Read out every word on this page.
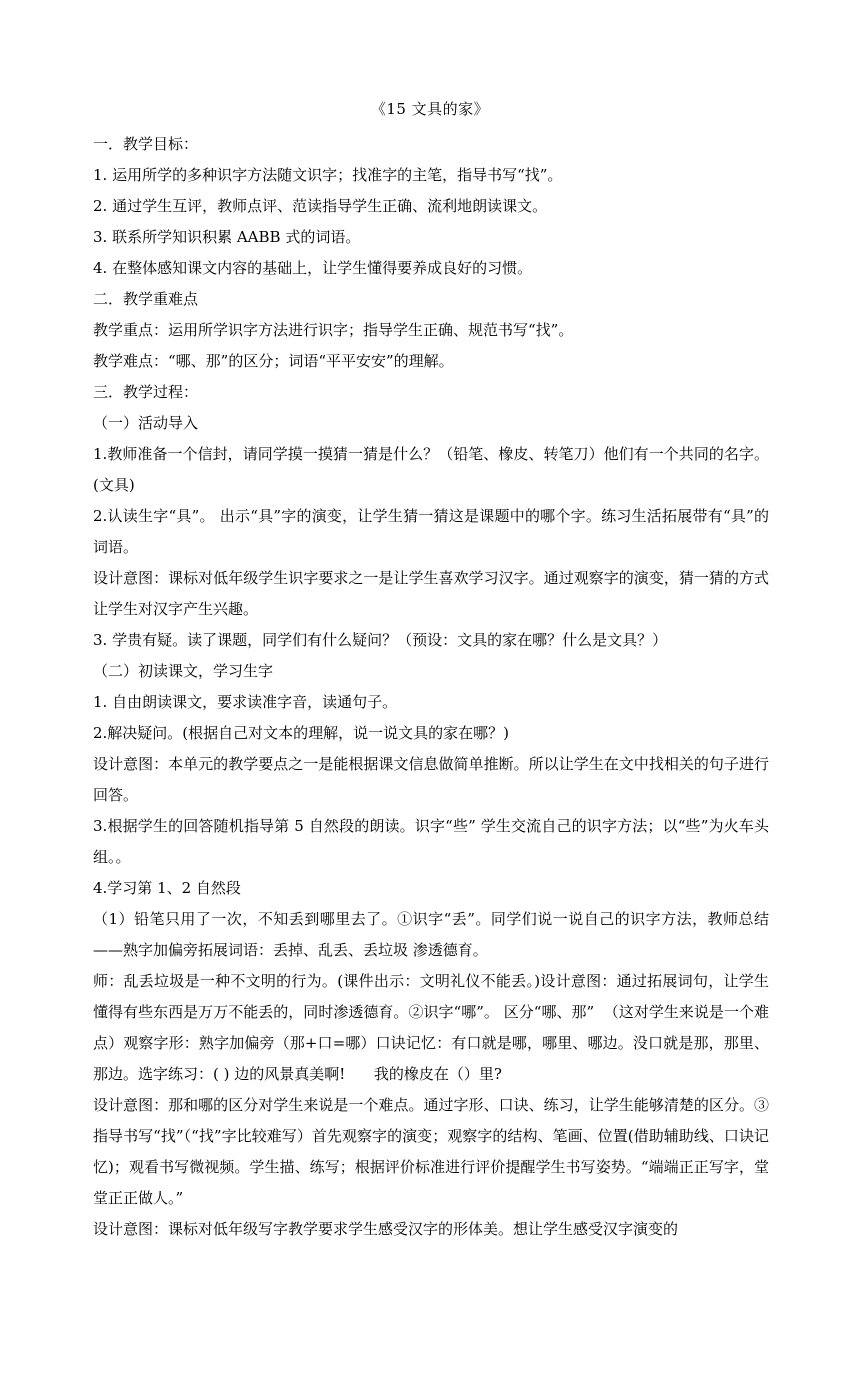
《15 文具的家》

一．教学目标：

1. 运用所学的多种识字方法随文识字；找准字的主笔，指导书写“找”。

2. 通过学生互评，教师点评、范读指导学生正确、流利地朗读课文。

3. 联系所学知识积累 AABB 式的词语。

4. 在整体感知课文内容的基础上，让学生懂得要养成良好的习惯。

二．教学重难点

教学重点：运用所学识字方法进行识字；指导学生正确、规范书写“找”。

教学难点：“哪、那”的区分；词语“平平安安”的理解。

三．教学过程：

（一）活动导入

1.教师准备一个信封，请同学摸一摸猜一猜是什么？（铅笔、橡皮、转笔刀）他们有一个共同的名字。(文具)

2.认读生字“具”。 出示“具”字的演变，让学生猜一猜这是课题中的哪个字。练习生活拓展带有“具”的词语。

设计意图：课标对低年级学生识字要求之一是让学生喜欢学习汉字。通过观察字的演变，猜一猜的方式让学生对汉字产生兴趣。

3. 学贵有疑。读了课题，同学们有什么疑问？（预设：文具的家在哪？什么是文具？）

（二）初读课文，学习生字

1. 自由朗读课文，要求读准字音，读通句子。

2.解决疑问。(根据自己对文本的理解，说一说文具的家在哪？)

设计意图：本单元的教学要点之一是能根据课文信息做简单推断。所以让学生在文中找相关的句子进行回答。

3.根据学生的回答随机指导第 5 自然段的朗读。识字“些” 学生交流自己的识字方法；以“些”为火车头组。。

4.学习第 1、2 自然段

（1）铅笔只用了一次，不知丢到哪里去了。①识字“丢”。同学们说一说自己的识字方法，教师总结——熟字加偏旁拓展词语：丢掉、乱丢、丢垃圾 渗透德育。

师：乱丢垃圾是一种不文明的行为。(课件出示：文明礼仪不能丢。)设计意图：通过拓展词句，让学生懂得有些东西是万万不能丢的，同时渗透德育。②识字“哪”。 区分“哪、那”  （这对学生来说是一个难点）观察字形：熟字加偏旁（那+口=哪）口诀记忆：有口就是哪，哪里、哪边。没口就是那，那里、那边。选字练习：( ) 边的风景真美啊!      我的橡皮在（）里?

设计意图：那和哪的区分对学生来说是一个难点。通过字形、口诀、练习，让学生能够清楚的区分。③指导书写“找”（“找”字比较难写）首先观察字的演变；观察字的结构、笔画、位置(借助辅助线、口诀记忆)；观看书写微视频。学生描、练写；根据评价标准进行评价提醒学生书写姿势。“端端正正写字，堂堂正正做人。”

设计意图：课标对低年级写字教学要求学生感受汉字的形体美。想让学生感受汉字演变的
